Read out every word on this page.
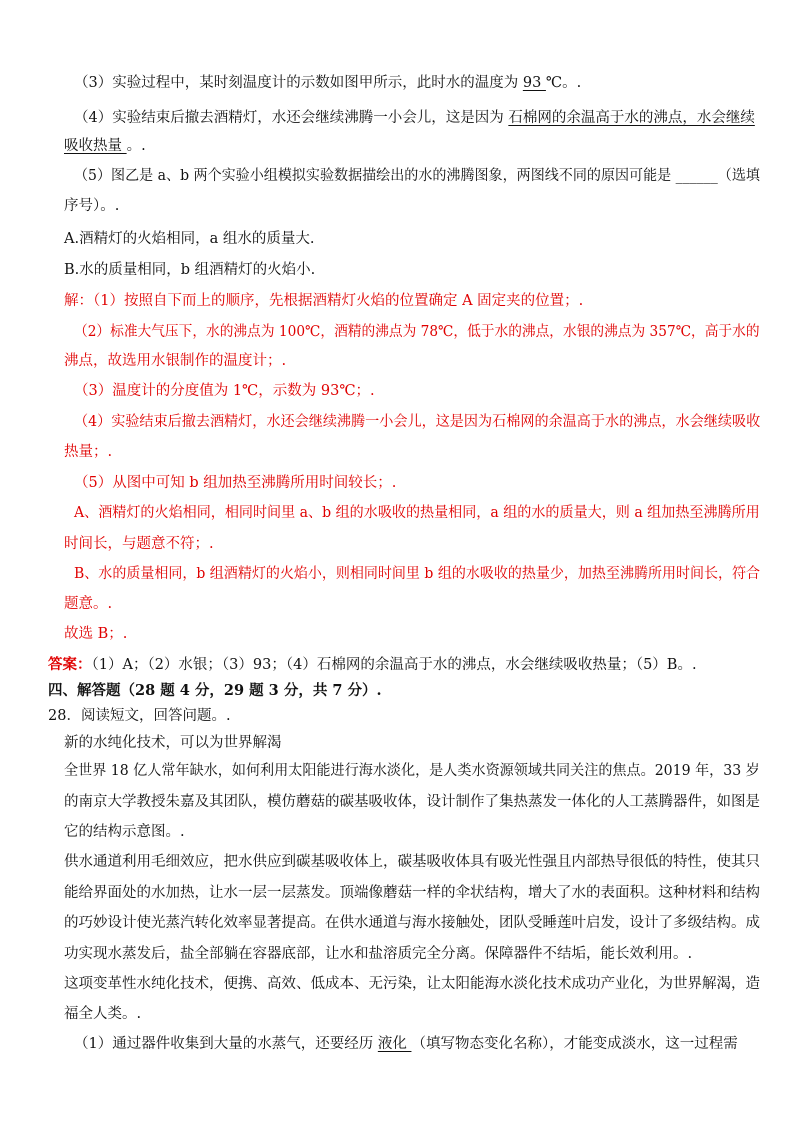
（3）实验过程中，某时刻温度计的示数如图甲所示，此时水的温度为 93 ℃。.
（4）实验结束后撤去酒精灯，水还会继续沸腾一小会儿，这是因为 石棉网的余温高于水的沸点，水会继续
吸收热量 。.
（5）图乙是 a、b 两个实验小组模拟实验数据描绘出的水的沸腾图象，两图线不同的原因可能是 ______（选填
序号）。.
A.酒精灯的火焰相同，a 组水的质量大.
B.水的质量相同，b 组酒精灯的火焰小.
解：（1）按照自下而上的顺序，先根据酒精灯火焰的位置确定 A 固定夹的位置；.
（2）标准大气压下，水的沸点为 100℃，酒精的沸点为 78℃，低于水的沸点，水银的沸点为 357℃，高于水的
沸点，故选用水银制作的温度计；.
（3）温度计的分度值为 1℃，示数为 93℃；.
（4）实验结束后撤去酒精灯，水还会继续沸腾一小会儿，这是因为石棉网的余温高于水的沸点，水会继续吸收
热量；.
（5）从图中可知 b 组加热至沸腾所用时间较长；.
A、酒精灯的火焰相同，相同时间里 a、b 组的水吸收的热量相同，a 组的水的质量大，则 a 组加热至沸腾所用
时间长，与题意不符；.
B、水的质量相同，b 组酒精灯的火焰小，则相同时间里 b 组的水吸收的热量少，加热至沸腾所用时间长，符合
题意。.
故选 B；.
答案：（1）A；（2）水银；（3）93；（4）石棉网的余温高于水的沸点，水会继续吸收热量；（5）B。.
四、解答题（28 题 4 分，29 题 3 分，共 7 分）.
28．阅读短文，回答问题。.
新的水纯化技术，可以为世界解渴
全世界 18 亿人常年缺水，如何利用太阳能进行海水淡化，是人类水资源领域共同关注的焦点。2019 年，33 岁
的南京大学教授朱嘉及其团队，模仿蘑菇的碳基吸收体，设计制作了集热蒸发一体化的人工蒸腾器件，如图是
它的结构示意图。.
供水通道利用毛细效应，把水供应到碳基吸收体上，碳基吸收体具有吸光性强且内部热导很低的特性，使其只
能给界面处的水加热，让水一层一层蒸发。顶端像蘑菇一样的伞状结构，增大了水的表面积。这种材料和结构
的巧妙设计使光蒸汽转化效率显著提高。在供水通道与海水接触处，团队受睡莲叶启发，设计了多级结构。成
功实现水蒸发后，盐全部躺在容器底部，让水和盐溶质完全分离。保障器件不结垢，能长效利用。.
这项变革性水纯化技术，便携、高效、低成本、无污染，让太阳能海水淡化技术成功产业化，为世界解渴，造
福全人类。.
（1）通过器件收集到大量的水蒸气，还要经历 液化 （填写物态变化名称），才能变成淡水，这一过程需
